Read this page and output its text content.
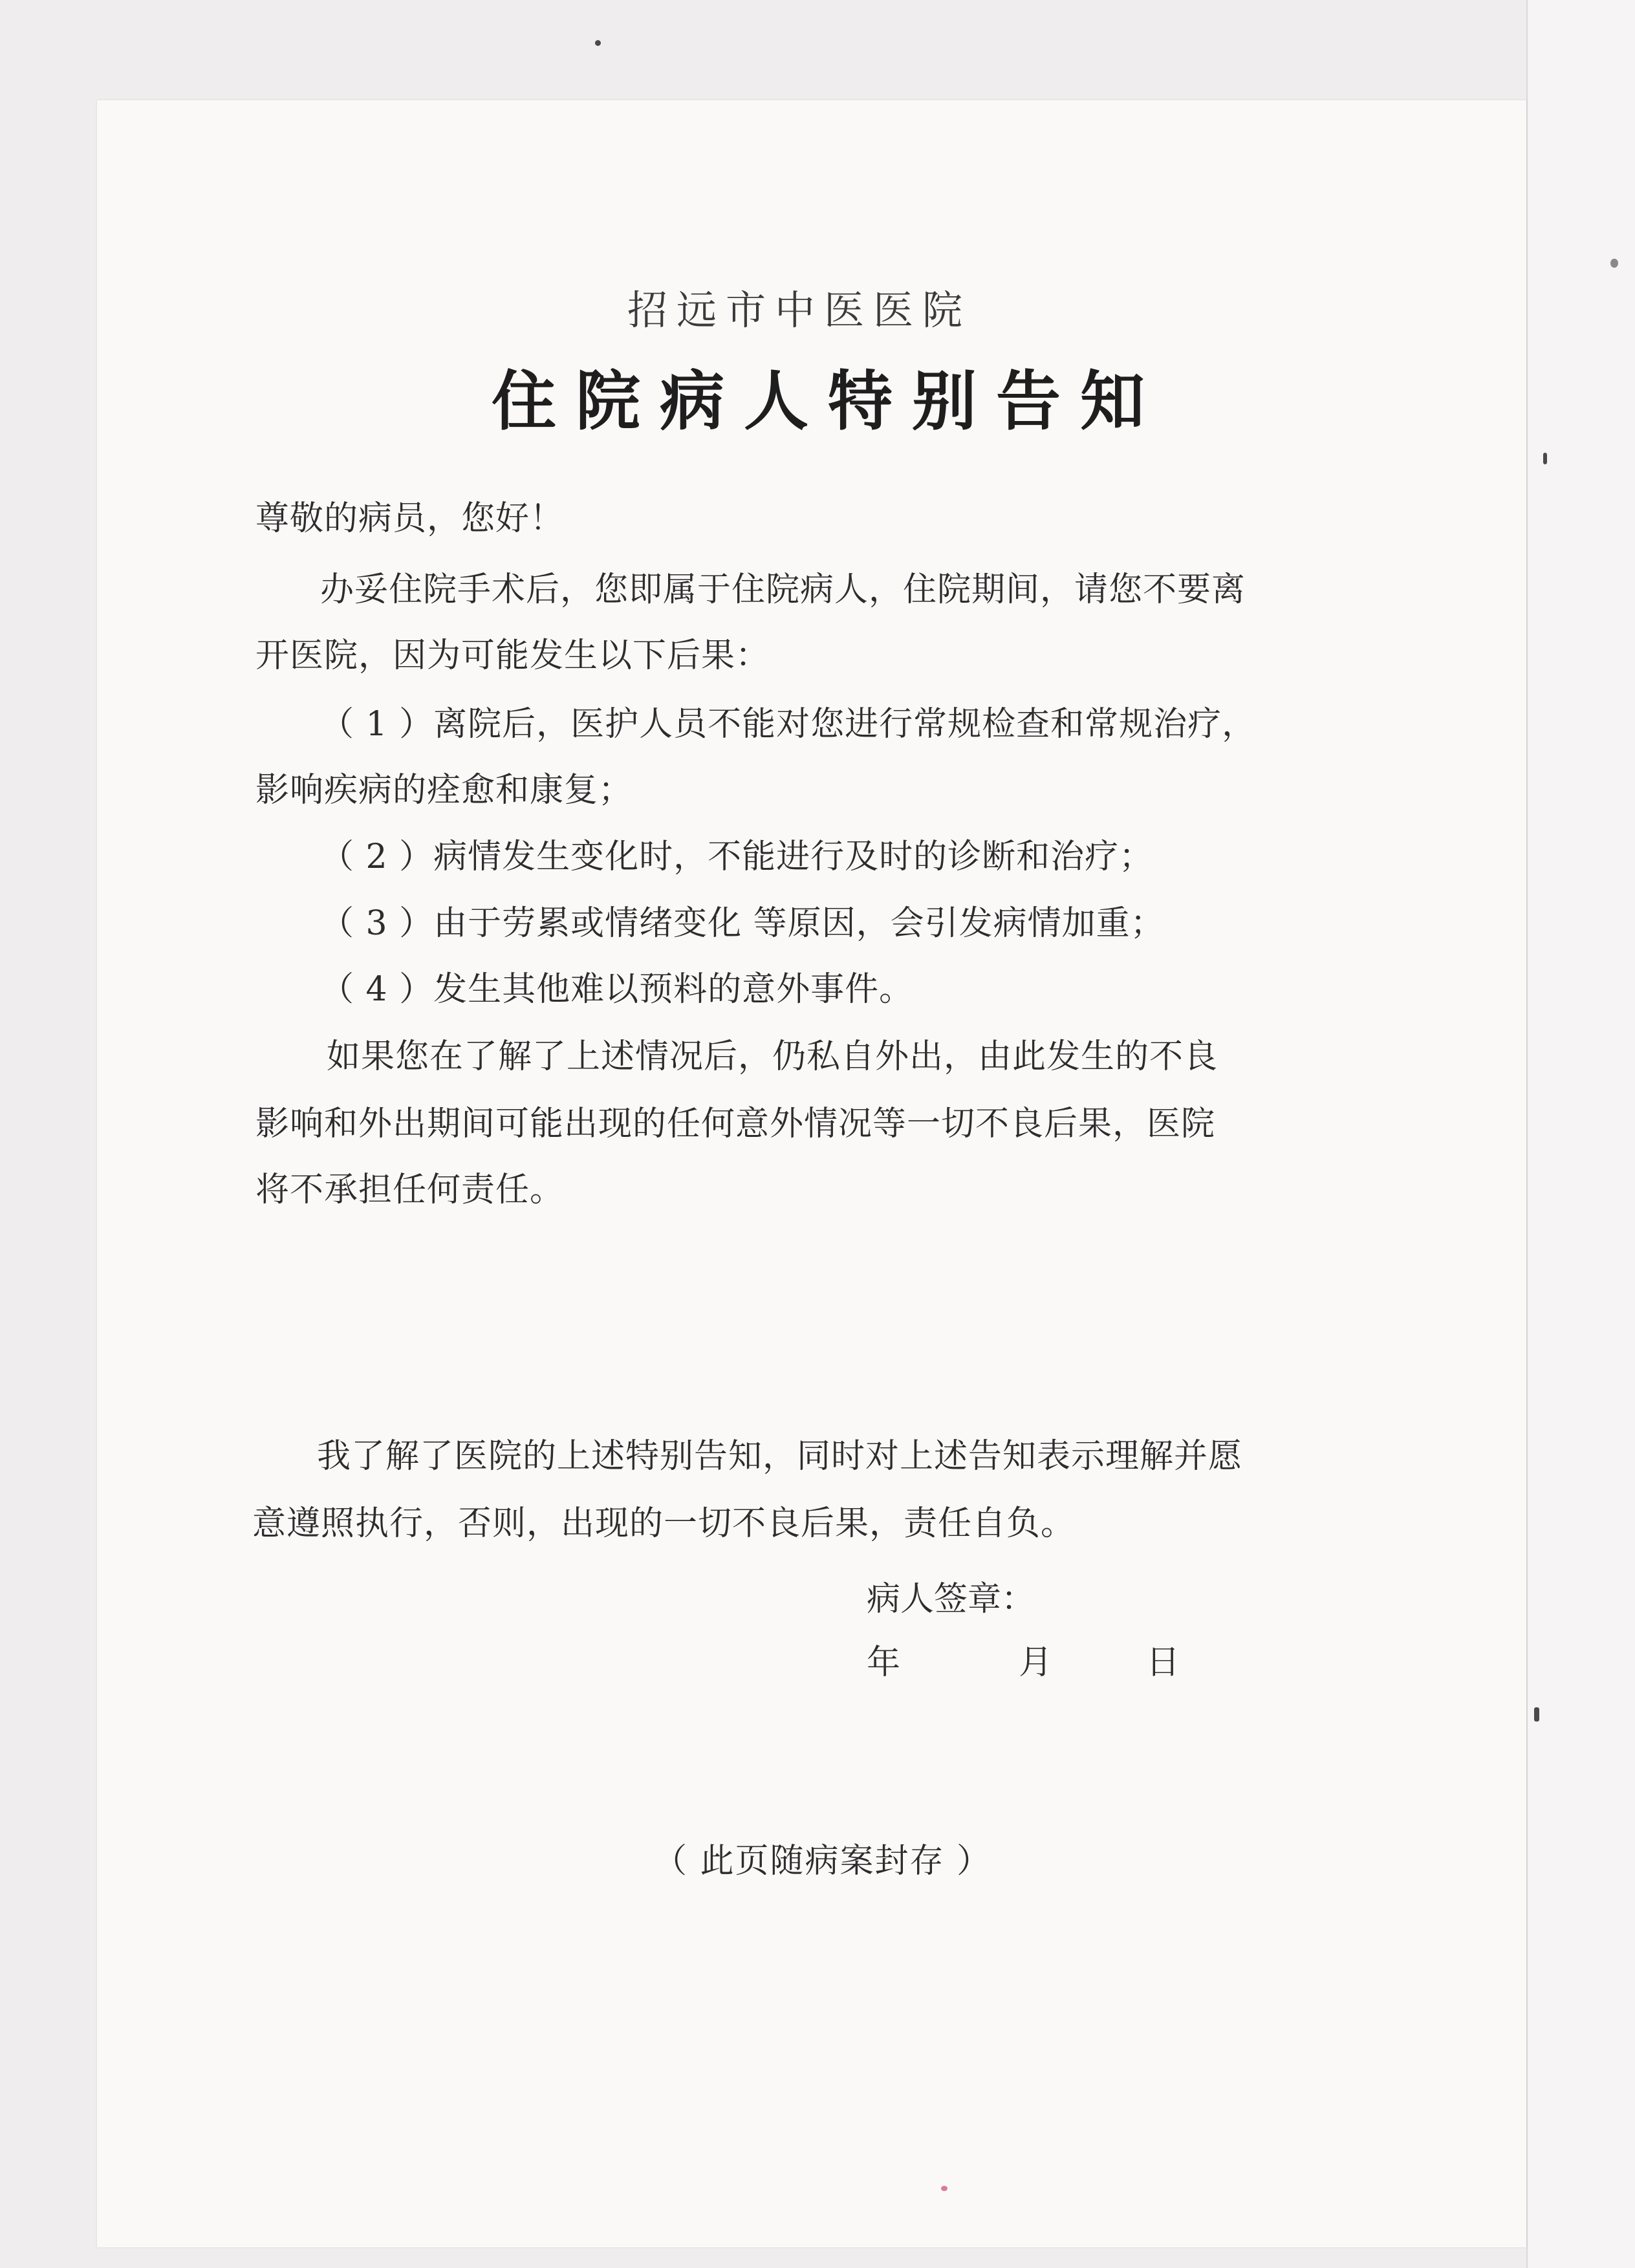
招远市中医医院
住院病人特别告知
尊敬的病员，您好！
办妥住院手术后，您即属于住院病人，住院期间，请您不要离
开医院，因为可能发生以下后果：
（ 1 ）离院后，医护人员不能对您进行常规检查和常规治疗，
影响疾病的痊愈和康复；
（ 2 ）病情发生变化时，不能进行及时的诊断和治疗；
（ 3 ）由于劳累或情绪变化 等原因，会引发病情加重；
（ 4 ）发生其他难以预料的意外事件。
如果您在了解了上述情况后，仍私自外出，由此发生的不良
影响和外出期间可能出现的任何意外情况等一切不良后果，医院
将不承担任何责任。
我了解了医院的上述特别告知，同时对上述告知表示理解并愿
意遵照执行，否则，出现的一切不良后果，责任自负。
病人签章：
年	月	日
（ 此页随病案封存 ）
